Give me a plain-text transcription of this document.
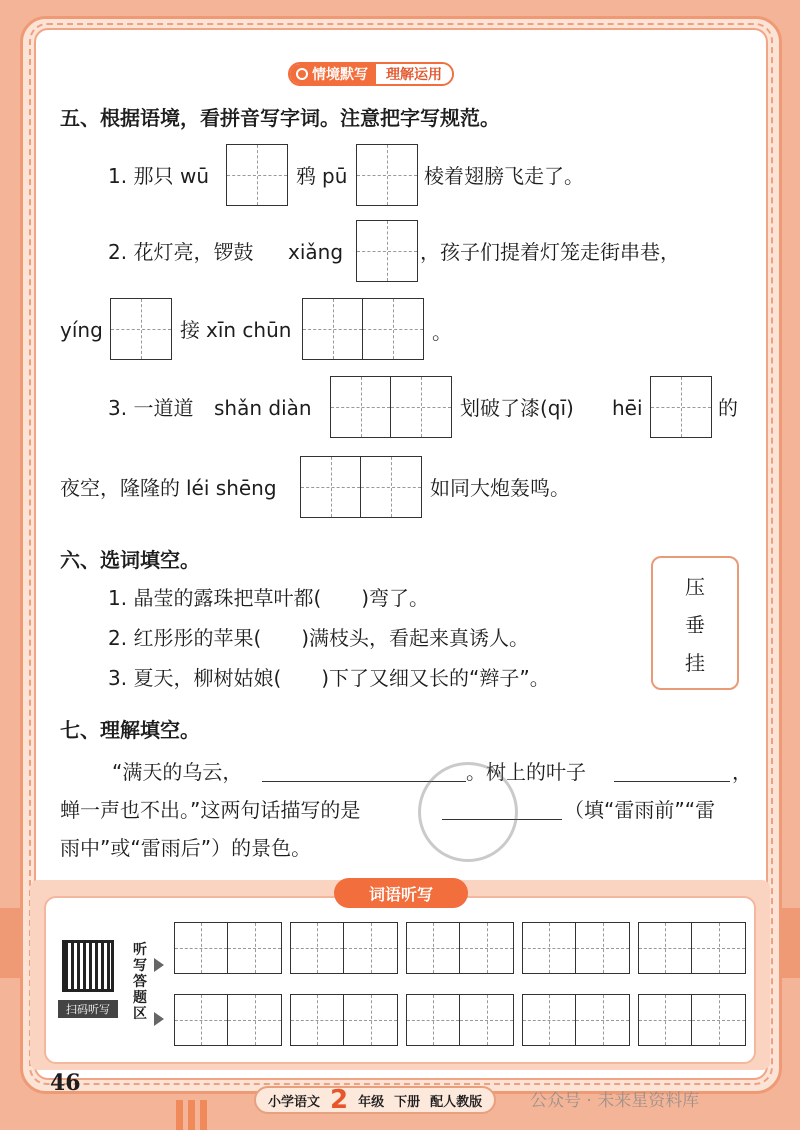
情境默写	理解运用
五、根据语境，看拼音写字词。注意把字写规范。
1. 那只 wū	鸦 pū	棱着翅膀飞走了。
2. 花灯亮，锣鼓 xiǎng	，孩子们提着灯笼走街串巷，
yíng	接 xīn chūn	。
3. 一道道 shǎn diàn	划破了漆(qī) hēi	的
夜空，隆隆的 léi shēng	如同大炮轰鸣。
六、选词填空。
1. 晶莹的露珠把草叶都(　　)弯了。
2. 红彤彤的苹果(　　)满枝头，看起来真诱人。
3. 夏天，柳树姑娘(　　)下了又细又长的“辫子”。
压
垂
挂
七、理解填空。
“满天的乌云，	。树上的叶子	，
蝉一声也不出。”这两句话描写的是	（填“雷雨前”“雷
雨中”或“雷雨后”）的景色。
词语听写
扫码听写
听写答题区
46
小学语文 2 年级 下册 配人教版	公众号 · 未来星资料库
